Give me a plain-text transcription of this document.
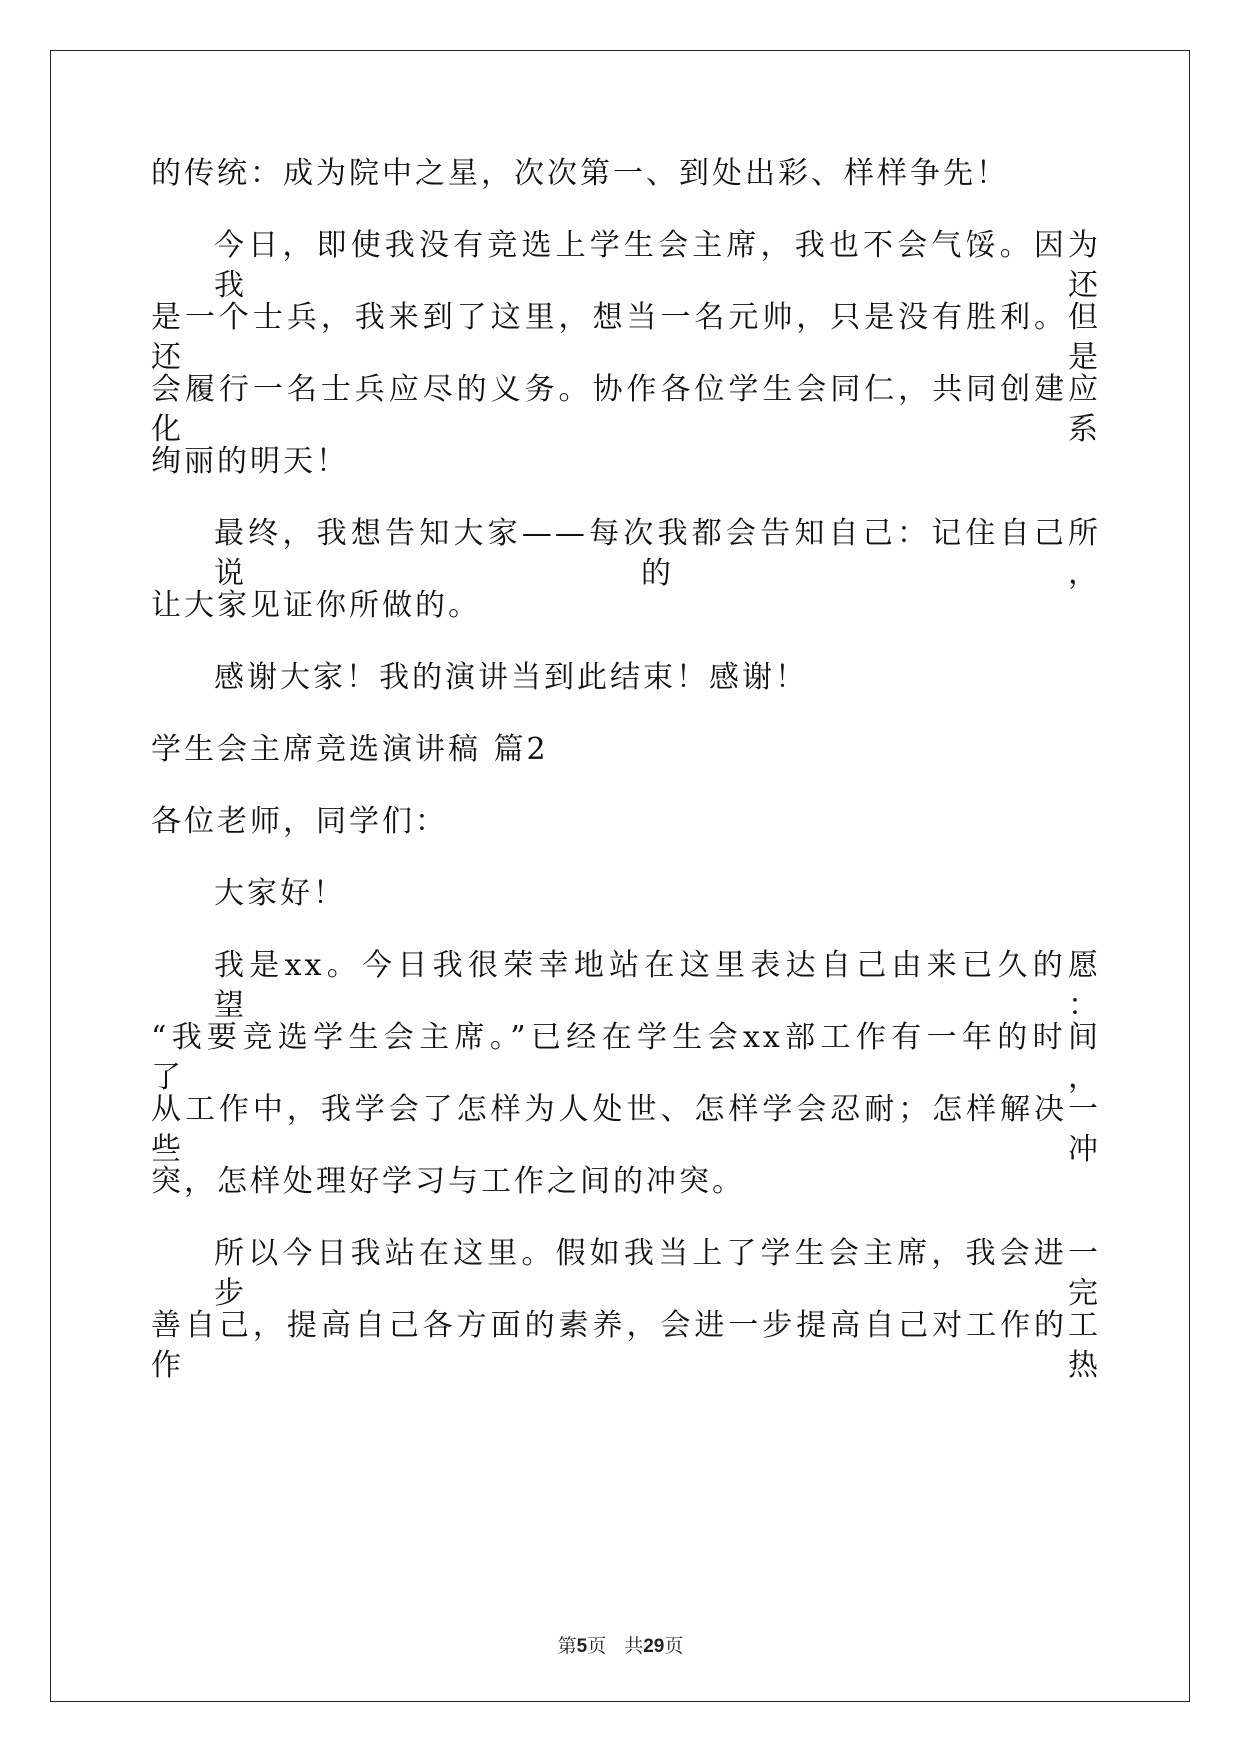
的传统：成为院中之星，次次第一、到处出彩、样样争先！
今日，即使我没有竞选上学生会主席，我也不会气馁。因为我还
是一个士兵，我来到了这里，想当一名元帅，只是没有胜利。但还是
会履行一名士兵应尽的义务。协作各位学生会同仁，共同创建应化系
绚丽的明天！
最终，我想告知大家——每次我都会告知自己：记住自己所说的，
让大家见证你所做的。
感谢大家！我的演讲当到此结束！感谢！
学生会主席竞选演讲稿 篇2
各位老师，同学们：
大家好！
我是xx。今日我很荣幸地站在这里表达自己由来已久的愿望：
“我要竞选学生会主席。”已经在学生会xx部工作有一年的时间了，
从工作中，我学会了怎样为人处世、怎样学会忍耐；怎样解决一些冲
突，怎样处理好学习与工作之间的冲突。
所以今日我站在这里。假如我当上了学生会主席，我会进一步完
善自己，提高自己各方面的素养，会进一步提高自己对工作的工作热
第5页 共29页
